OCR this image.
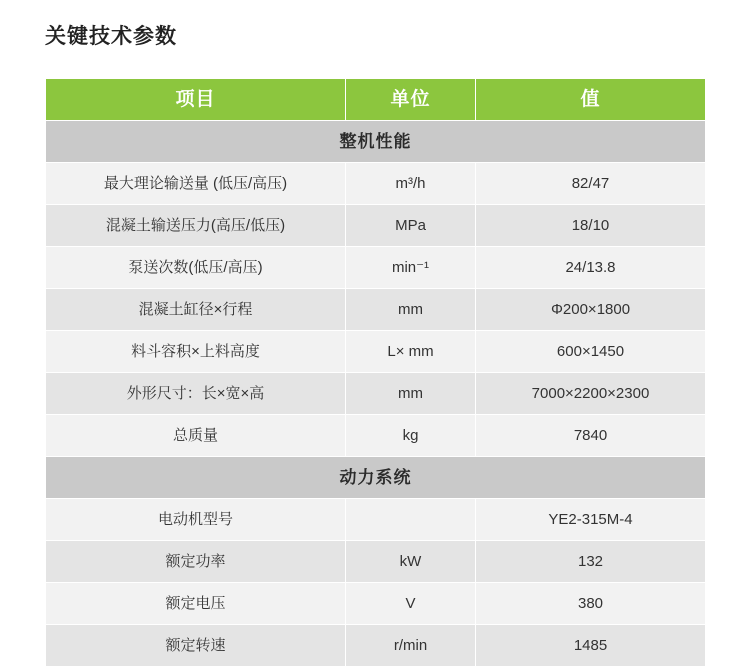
关键技术参数
项目	单位	值
整机性能		
最大理论输送量 (低压/高压)	m³/h	82/47
混凝土输送压力(高压/低压)	MPa	18/10
泵送次数(低压/高压)	min⁻¹	24/13.8
混凝土缸径×行程	mm	Φ200×1800
料斗容积×上料高度	L× mm	600×1450
外形尺寸：长×宽×高	mm	7000×2200×2300
总质量	kg	7840
动力系统		
电动机型号		YE2-315M-4
额定功率	kW	132
额定电压	V	380
额定转速	r/min	1485
